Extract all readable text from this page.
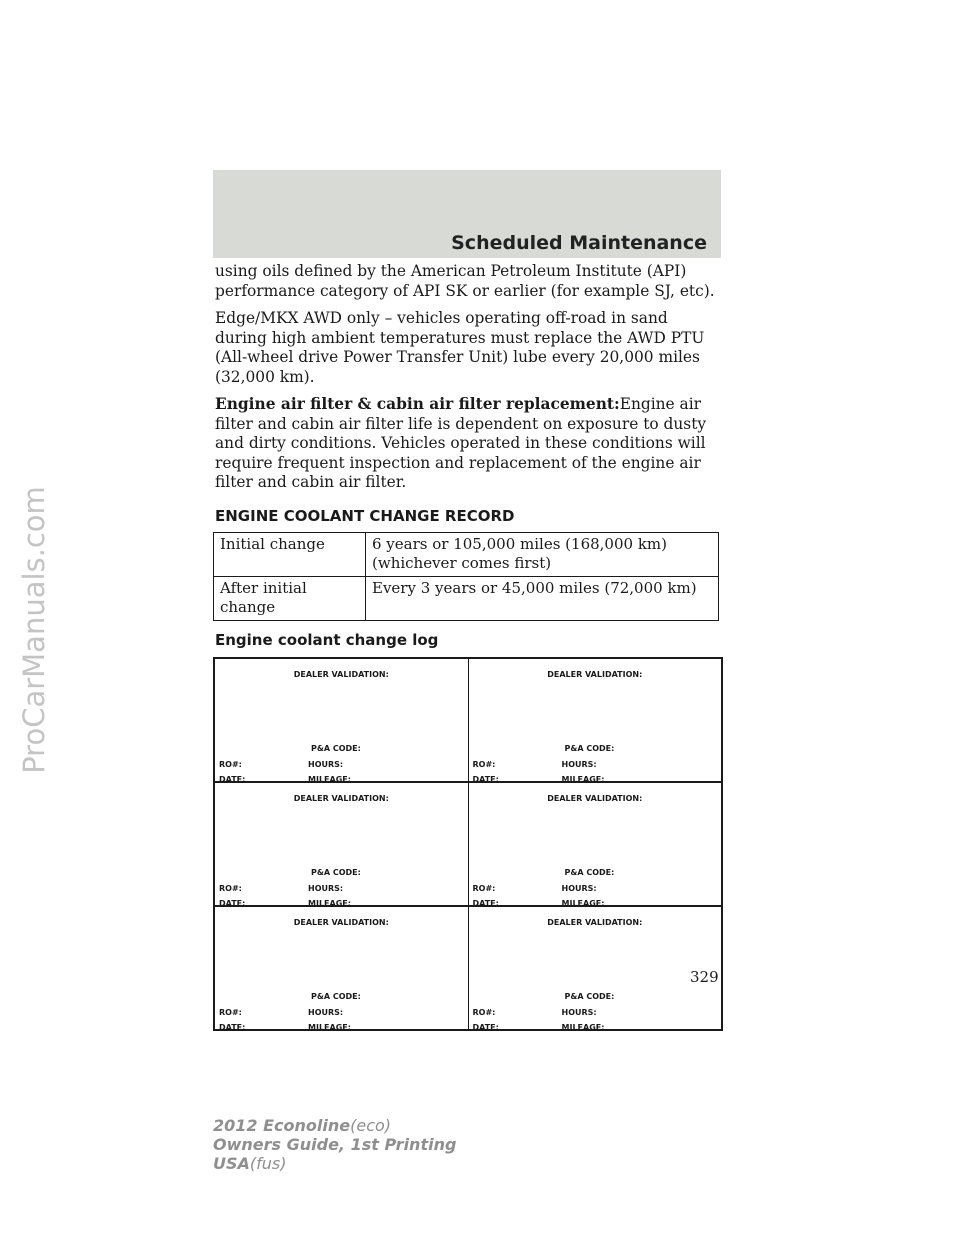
ProCarManuals.com
Scheduled Maintenance

using oils defined by the American Petroleum Institute (API) performance category of API SK or earlier (for example SJ, etc).

Edge/MKX AWD only – vehicles operating off-road in sand during high ambient temperatures must replace the AWD PTU (All-wheel drive Power Transfer Unit) lube every 20,000 miles (32,000 km).

Engine air filter & cabin air filter replacement:Engine air filter and cabin air filter life is dependent on exposure to dusty and dirty conditions. Vehicles operated in these conditions will require frequent inspection and replacement of the engine air filter and cabin air filter.

ENGINE COOLANT CHANGE RECORD
Initial change	6 years or 105,000 miles (168,000 km) (whichever comes first)
After initial change	Every 3 years or 45,000 miles (72,000 km)
Engine coolant change log
DEALER VALIDATION:
P&A CODE:
RO#:	HOURS:
DATE:	MILEAGE:
DEALER VALIDATION:
P&A CODE:
RO#:	HOURS:
DATE:	MILEAGE:
DEALER VALIDATION:
P&A CODE:
RO#:	HOURS:
DATE:	MILEAGE:
DEALER VALIDATION:
P&A CODE:
RO#:	HOURS:
DATE:	MILEAGE:
DEALER VALIDATION:
P&A CODE:
RO#:	HOURS:
DATE:	MILEAGE:
DEALER VALIDATION:
P&A CODE:
RO#:	HOURS:
DATE:	MILEAGE:
329
2012 Econoline(eco)
Owners Guide, 1st Printing
USA(fus)
